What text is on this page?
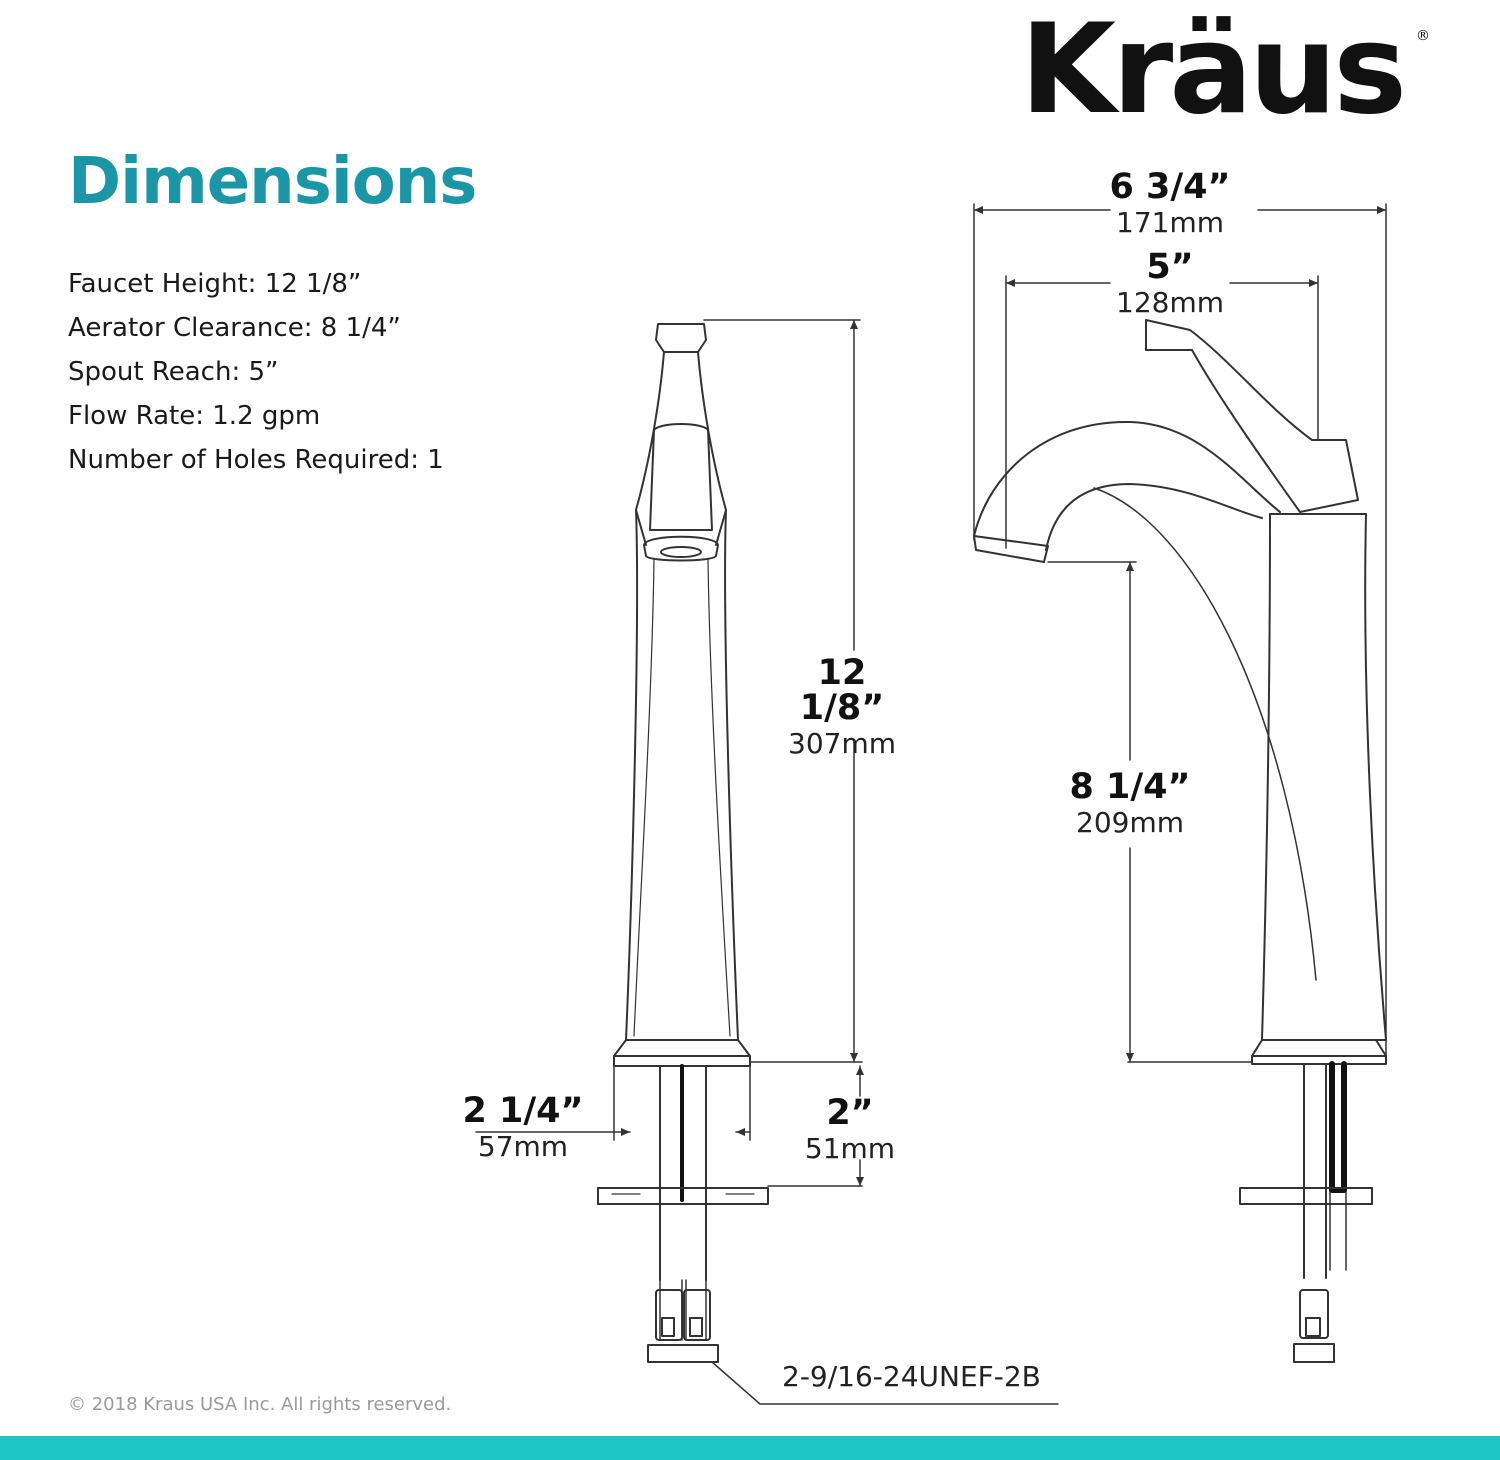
Kräus ®
Dimensions
Faucet Height: 12 1/8”
Aerator Clearance: 8 1/4”
Spout Reach: 5”
Flow Rate: 1.2 gpm
Number of Holes Required: 1
6 3/4”
171mm
5”
128mm
12 1/8”
307mm
8 1/4”
209mm
2 1/4”
57mm
2”
51mm
2-9/16-24UNEF-2B
© 2018 Kraus USA Inc. All rights reserved.
